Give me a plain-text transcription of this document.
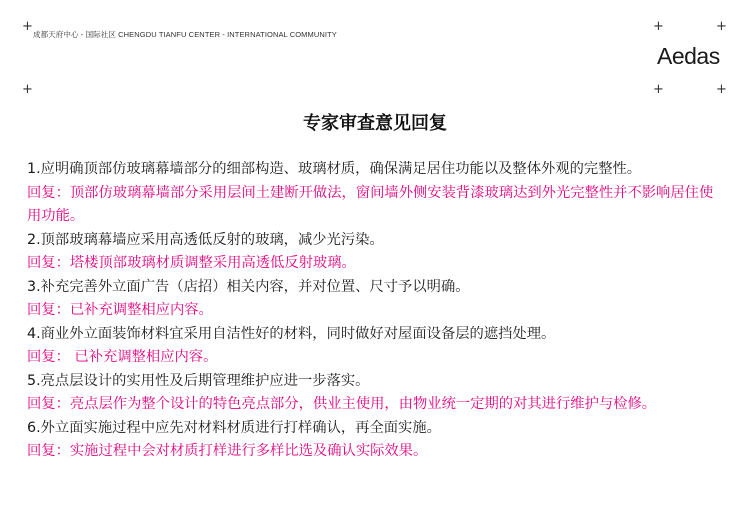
+	+	+
+	+	+
成都天府中心 - 国际社区 CHENGDU TIANFU CENTER - INTERNATIONAL COMMUNITY
Aedas
专家审查意见回复
1.应明确顶部仿玻璃幕墙部分的细部构造、玻璃材质，确保满足居住功能以及整体外观的完整性。
回复：顶部仿玻璃幕墙部分采用层间土建断开做法，窗间墙外侧安装背漆玻璃达到外光完整性并不影响居住使用功能。
2.顶部玻璃幕墙应采用高透低反射的玻璃，减少光污染。
回复：塔楼顶部玻璃材质调整采用高透低反射玻璃。
3.补充完善外立面广告（店招）相关内容，并对位置、尺寸予以明确。
回复：已补充调整相应内容。
4.商业外立面装饰材料宜采用自洁性好的材料，同时做好对屋面设备层的遮挡处理。
回复： 已补充调整相应内容。
5.亮点层设计的实用性及后期管理维护应进一步落实。
回复：亮点层作为整个设计的特色亮点部分，供业主使用，由物业统一定期的对其进行维护与检修。
6.外立面实施过程中应先对材料材质进行打样确认，再全面实施。
回复：实施过程中会对材质打样进行多样比选及确认实际效果。
